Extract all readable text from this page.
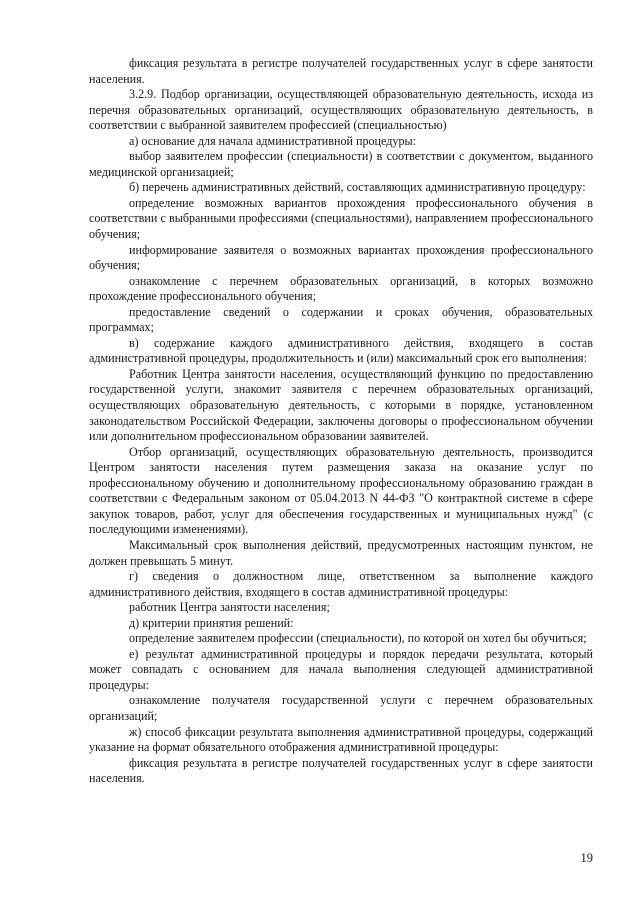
фиксация результата в регистре получателей государственных услуг в сфере занятости населения.

3.2.9. Подбор организации, осуществляющей образовательную деятельность, исхода из перечня образовательных организаций, осуществляющих образовательную деятельность, в соответствии с выбранной заявителем профессией (специальностью)

а) основание для начала административной процедуры:

выбор заявителем профессии (специальности) в соответствии с документом, выданного медицинской организацией;

б) перечень административных действий, составляющих административную процедуру:

определение возможных вариантов прохождения профессионального обучения в соответствии с выбранными профессиями (специальностями), направлением профессионального обучения;

информирование заявителя о возможных вариантах прохождения профессионального обучения;

ознакомление с перечнем образовательных организаций, в которых возможно прохождение профессионального обучения;

предоставление сведений о содержании и сроках обучения, образовательных программах;

в) содержание каждого административного действия, входящего в состав административной процедуры, продолжительность и (или) максимальный срок его выполнения:

Работник Центра занятости населения, осуществляющий функцию по предоставлению государственной услуги, знакомит заявителя с перечнем образовательных организаций, осуществляющих образовательную деятельность, с которыми в порядке, установленном законодательством Российской Федерации, заключены договоры о профессиональном обучении или дополнительном профессиональном образовании заявителей.

Отбор организаций, осуществляющих образовательную деятельность, производится Центром занятости населения путем размещения заказа на оказание услуг по профессиональному обучению и дополнительному профессиональному образованию граждан в соответствии с Федеральным законом от 05.04.2013 N 44-ФЗ "О контрактной системе в сфере закупок товаров, работ, услуг для обеспечения государственных и муниципальных нужд" (с последующими изменениями).

Максимальный срок выполнения действий, предусмотренных настоящим пунктом, не должен превышать 5 минут.

г) сведения о должностном лице, ответственном за выполнение каждого административного действия, входящего в состав административной процедуры:

работник Центра занятости населения;

д) критерии принятия решений:

определение заявителем профессии (специальности), по которой он хотел бы обучиться;

е) результат административной процедуры и порядок передачи результата, который может совпадать с основанием для начала выполнения следующей административной процедуры:

ознакомление получателя государственной услуги с перечнем образовательных организаций;

ж) способ фиксации результата выполнения административной процедуры, содержащий указание на формат обязательного отображения административной процедуры:

фиксация результата в регистре получателей государственных услуг в сфере занятости населения.

19
